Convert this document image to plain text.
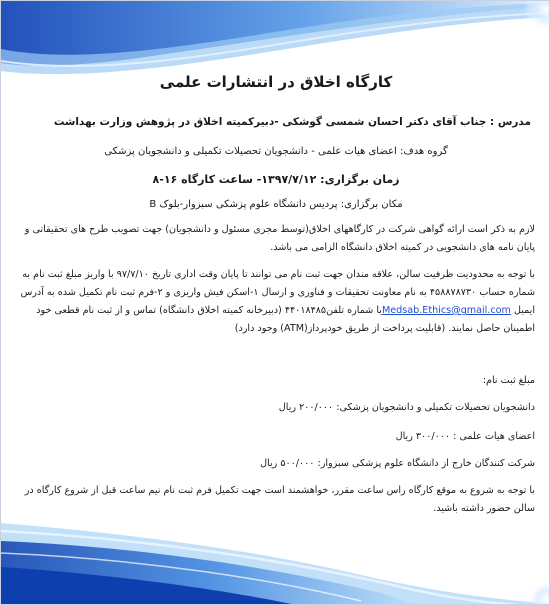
کارگاه اخلاق در انتشارات علمی

مدرس : جناب آقای دکتر احسان شمسی گوشکی -دبیرکمیته اخلاق در پژوهش وزارت بهداشت

گروه هدف: اعضای هیات علمی - دانشجویان تحصیلات تکمیلی و دانشجویان پزشکی

زمان برگزاری: ۱۳۹۷/۷/۱۲- ساعت کارگاه ۱۶-۸

مکان برگزاری: پردیس دانشگاه علوم پزشکی سبزوار-بلوک B

لازم به ذکر است ارائه گواهی شرکت در کارگاههای اخلاق(توسط مجری مسئول و دانشجویان) جهت تصویب طرح های تحقیقاتی و پایان نامه های دانشجویی در کمیته اخلاق دانشگاه الزامی می باشد.

با توجه به محدودیت ظرفیت سالن، علاقه مندان جهت ثبت نام می توانند تا پایان وقت اداری تاریخ ۹۷/۷/۱۰ با واریز مبلغ ثبت نام به شماره حساب ۴۵۸۸۷۸۷۳۰ به نام معاونت تحقیقات و فناوری و ارسال ۱-اسکن فیش واریزی و ۲-فرم ثبت نام تکمیل شده به آدرس ایمیل Medsab.Ethics@gmail.comیا شماره تلفن۴۴۰۱۸۴۸۵ (دبیرخانه کمیته اخلاق دانشگاه) تماس و از ثبت نام قطعی خود اطمینان حاصل نمایند. (قابلیت پرداخت از طریق خودپرداز(ATM) وجود دارد)

مبلغ ثبت نام:

دانشجویان تحصیلات تکمیلی و دانشجویان پزشکی: ۲۰۰/۰۰۰ ریال

اعضای هیات علمی : ۳۰۰/۰۰۰ ریال

شرکت کنندگان خارج از دانشگاه علوم پزشکی سبزوار: ۵۰۰/۰۰۰ ریال

با توجه به شروع به موقع کارگاه راس ساعت مقرر، خواهشمند است جهت تکمیل فرم ثبت نام نیم ساعت قبل از شروع کارگاه در سالن حضور داشته باشید.
